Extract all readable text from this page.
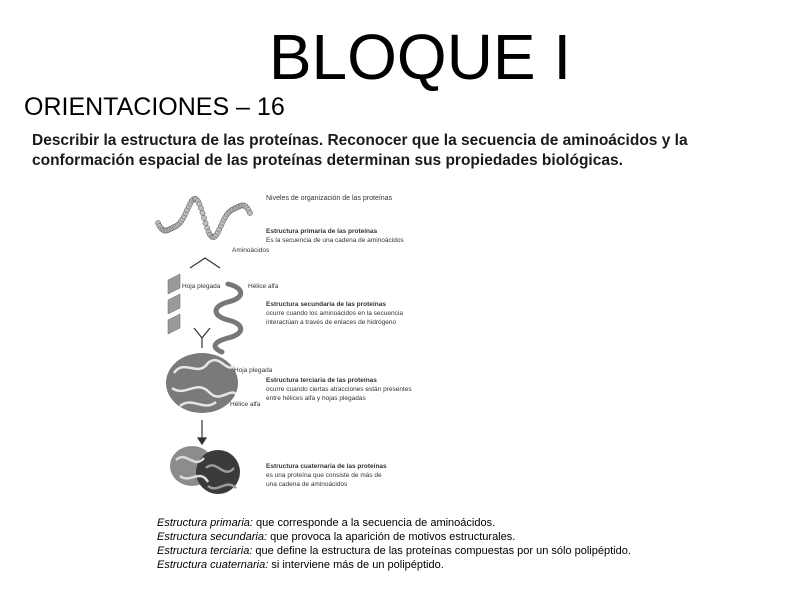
BLOQUE I
ORIENTACIONES – 16
Describir la estructura de las proteínas. Reconocer que la secuencia de aminoácidos y la conformación espacial de las proteínas determinan sus propiedades biológicas.
Niveles de organización de las proteínas
Estructura primaria de las proteínas
Es la secuencia de una cadena de aminoácidos
Aminoácidos
Hoja plegada	Hélice alfa
Estructura secundaria de las proteínas
ocurre cuando los aminoácidos en la secuencia
interactúan a través de enlaces de hidrógeno
Hoja plegada
Estructura terciaria de las proteínas
ocurre cuando ciertas atracciones están presentes
entre hélices alfa y hojas plegadas
Hélice alfa
Estructura cuaternaria de las proteínas
es una proteína que consiste de más de
una cadena de aminoácidos
Estructura primaria: que corresponde a la secuencia de aminoácidos.
Estructura secundaria: que provoca la aparición de motivos estructurales.
Estructura terciaria: que define la estructura de las proteínas compuestas por un sólo polipéptido.
Estructura cuaternaria: si interviene más de un polipéptido.
